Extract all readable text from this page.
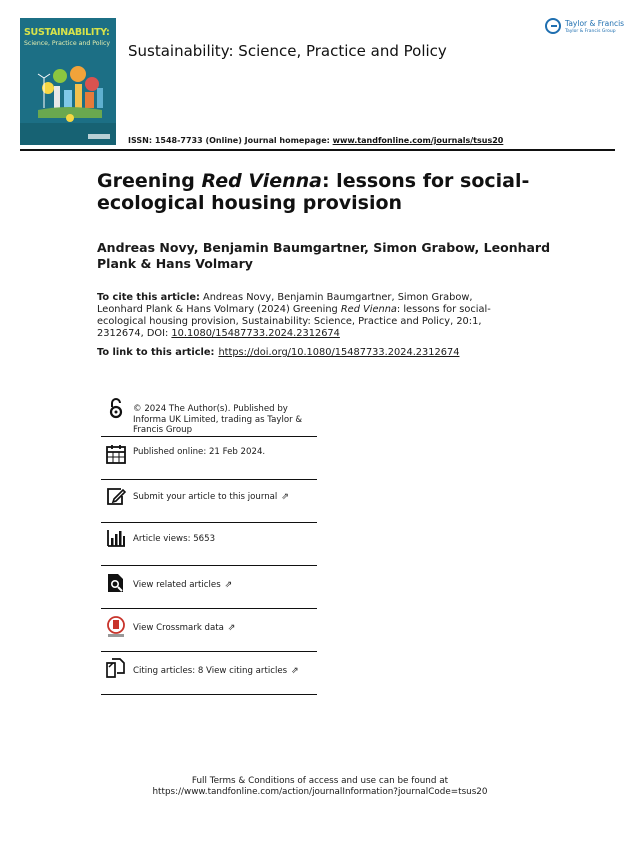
SUSTAINABILITY:
Science, Practice and Policy Sustainability: Science, Practice and Policy
Taylor & Francis
Taylor & Francis Group
ISSN: 1548-7733 (Online) Journal homepage: www.tandfonline.com/journals/tsus20
Greening Red Vienna: lessons for social-ecological housing provision
Andreas Novy, Benjamin Baumgartner, Simon Grabow, Leonhard Plank & Hans Volmary
To cite this article: Andreas Novy, Benjamin Baumgartner, Simon Grabow, Leonhard Plank & Hans Volmary (2024) Greening Red Vienna: lessons for social-ecological housing provision, Sustainability: Science, Practice and Policy, 20:1, 2312674, DOI: 10.1080/15487733.2024.2312674
To link to this article: https://doi.org/10.1080/15487733.2024.2312674
© 2024 The Author(s). Published by Informa UK Limited, trading as Taylor & Francis Group
Published online: 21 Feb 2024.
Submit your article to this journal ⇗
Article views: 5653
View related articles ⇗
View Crossmark data ⇗
Citing articles: 8 View citing articles ⇗
Full Terms & Conditions of access and use can be found at
https://www.tandfonline.com/action/journalInformation?journalCode=tsus20
